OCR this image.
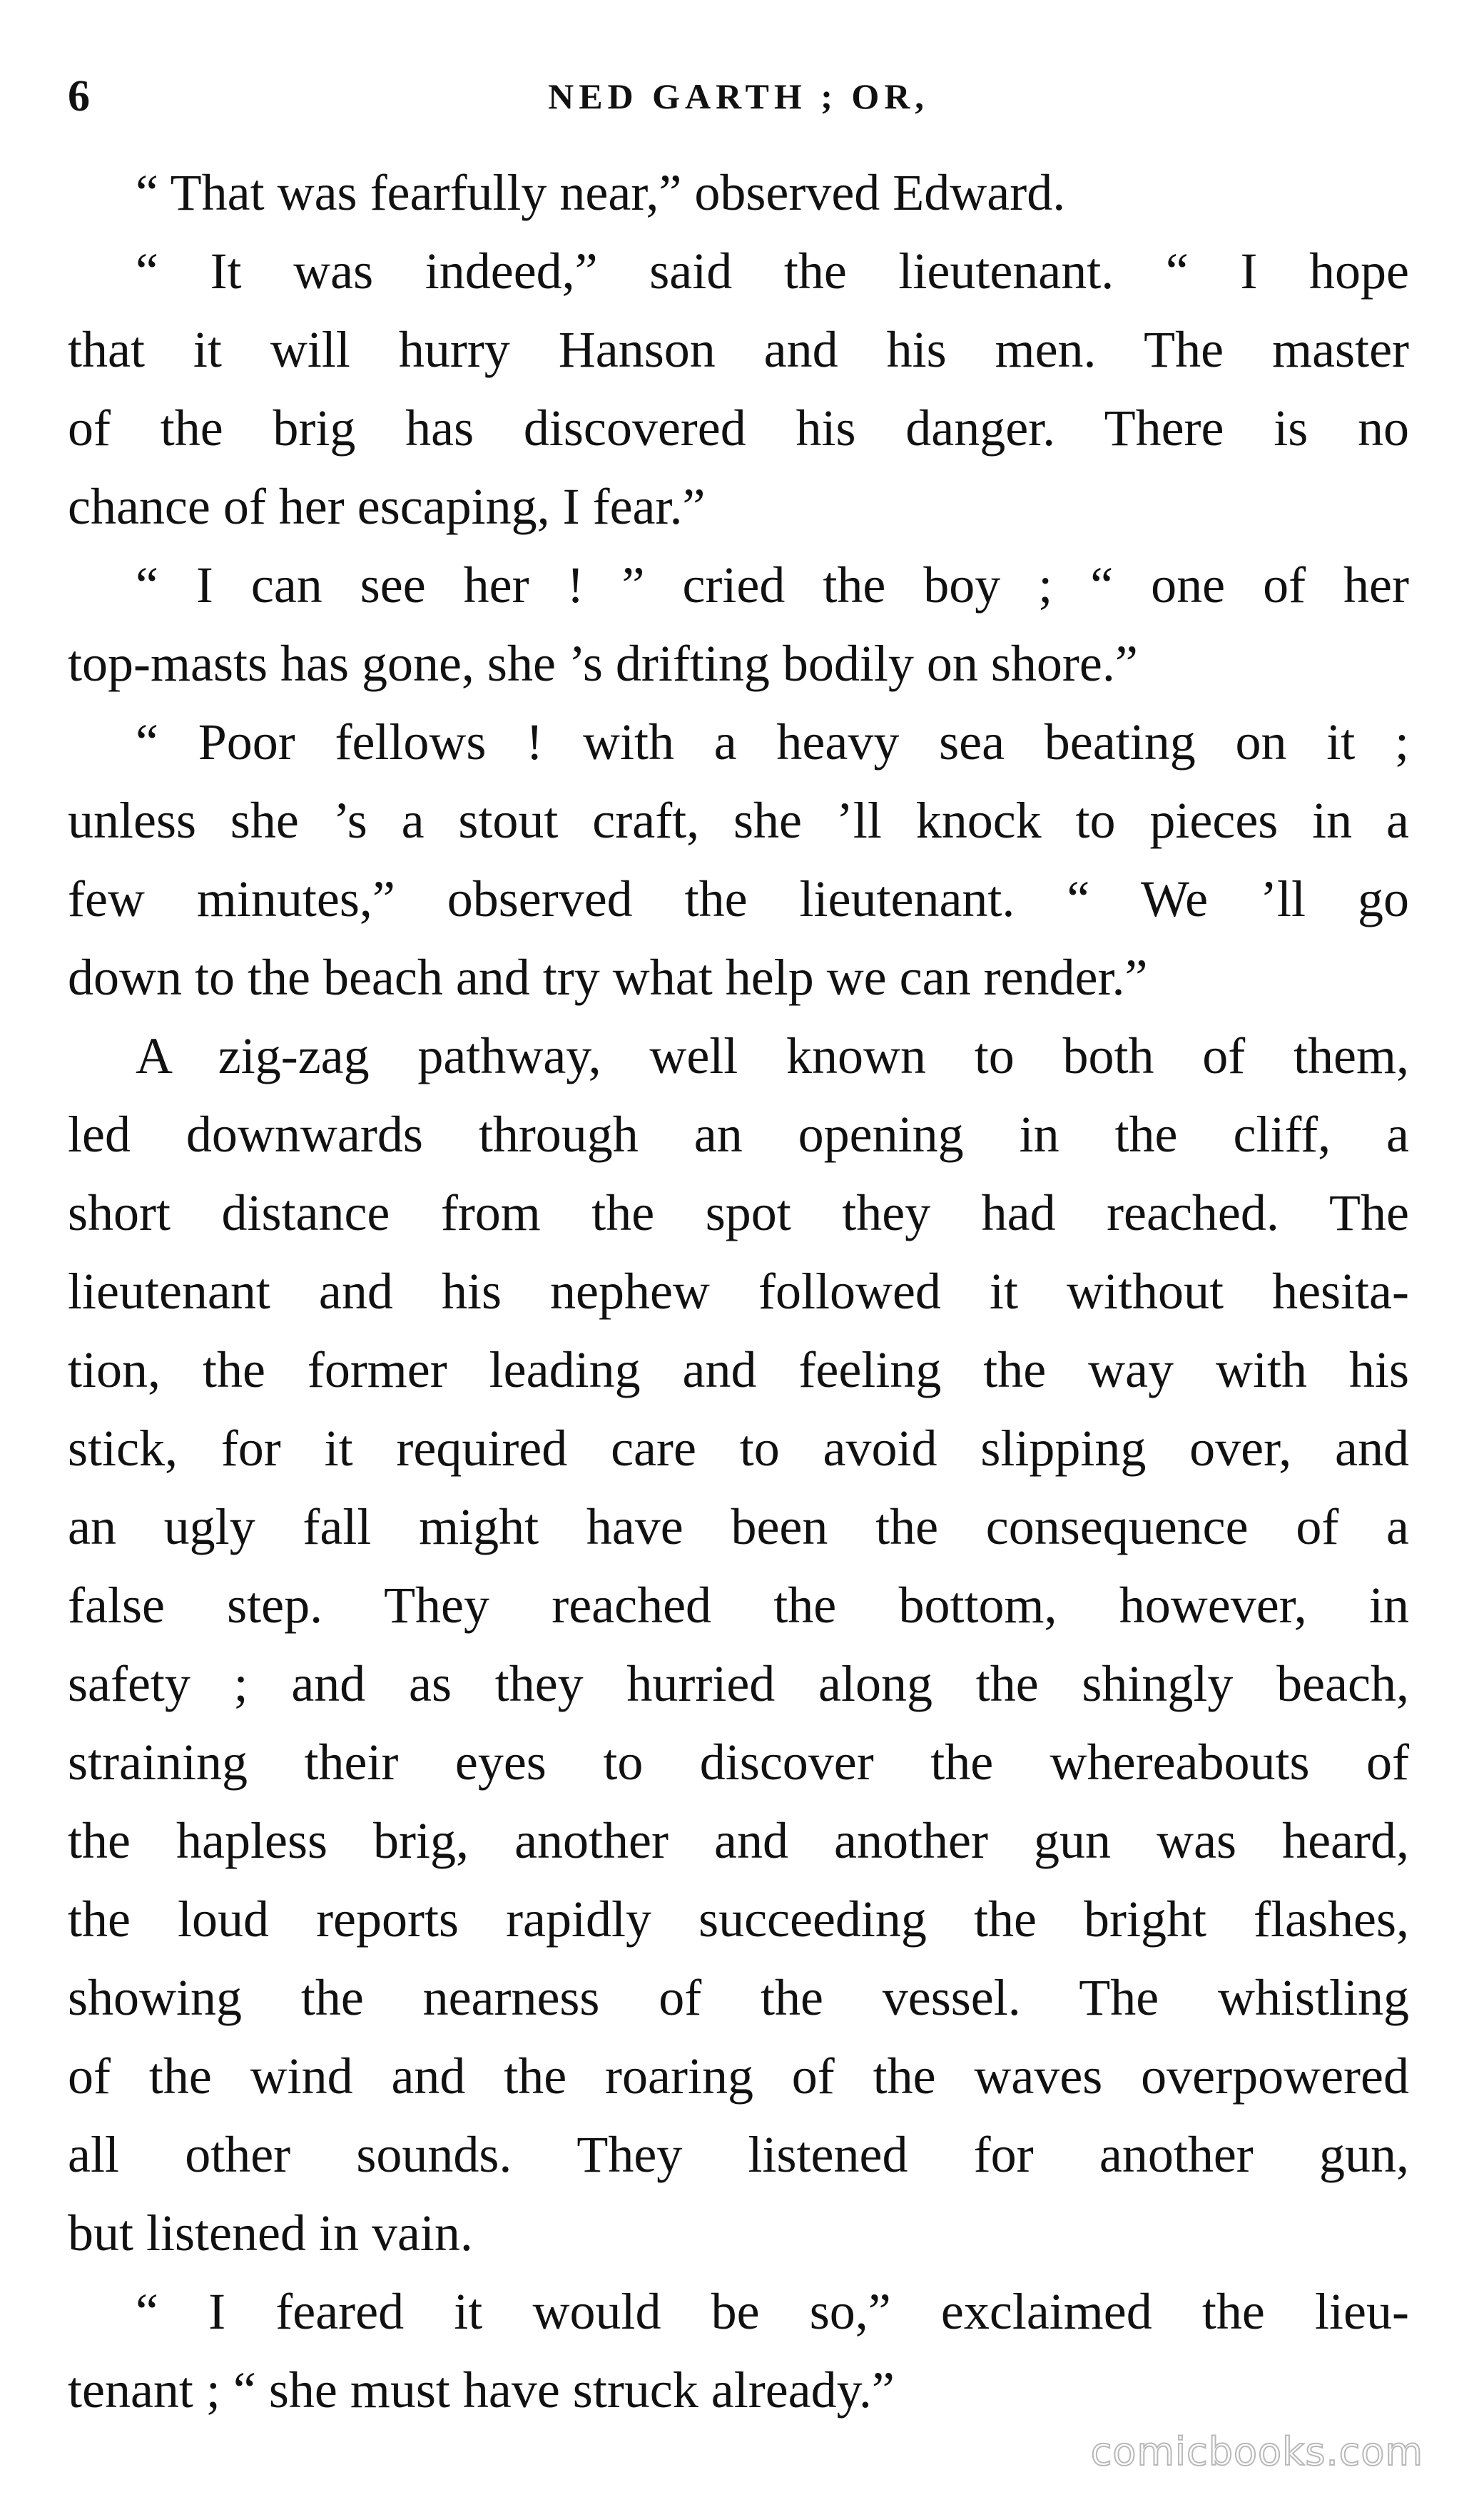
6	NED GARTH ; OR,
“ That was fearfully near,” observed Edward.
“ It was indeed,” said the lieutenant. “ I hope
that it will hurry Hanson and his men. The master
of the brig has discovered his danger. There is no
chance of her escaping, I fear.”
“ I can see her ! ” cried the boy ; “ one of her
top-masts has gone, she ’s drifting bodily on shore.”
“ Poor fellows ! with a heavy sea beating on it ;
unless she ’s a stout craft, she ’ll knock to pieces in a
few minutes,” observed the lieutenant. “ We ’ll go
down to the beach and try what help we can render.”
A zig-zag pathway, well known to both of them,
led downwards through an opening in the cliff, a
short distance from the spot they had reached. The
lieutenant and his nephew followed it without hesita-
tion, the former leading and feeling the way with his
stick, for it required care to avoid slipping over, and
an ugly fall might have been the consequence of a
false step. They reached the bottom, however, in
safety ; and as they hurried along the shingly beach,
straining their eyes to discover the whereabouts of
the hapless brig, another and another gun was heard,
the loud reports rapidly succeeding the bright flashes,
showing the nearness of the vessel. The whistling
of the wind and the roaring of the waves overpowered
all other sounds. They listened for another gun,
but listened in vain.
“ I feared it would be so,” exclaimed the lieu-
tenant ; “ she must have struck already.”
comicbooks.com
